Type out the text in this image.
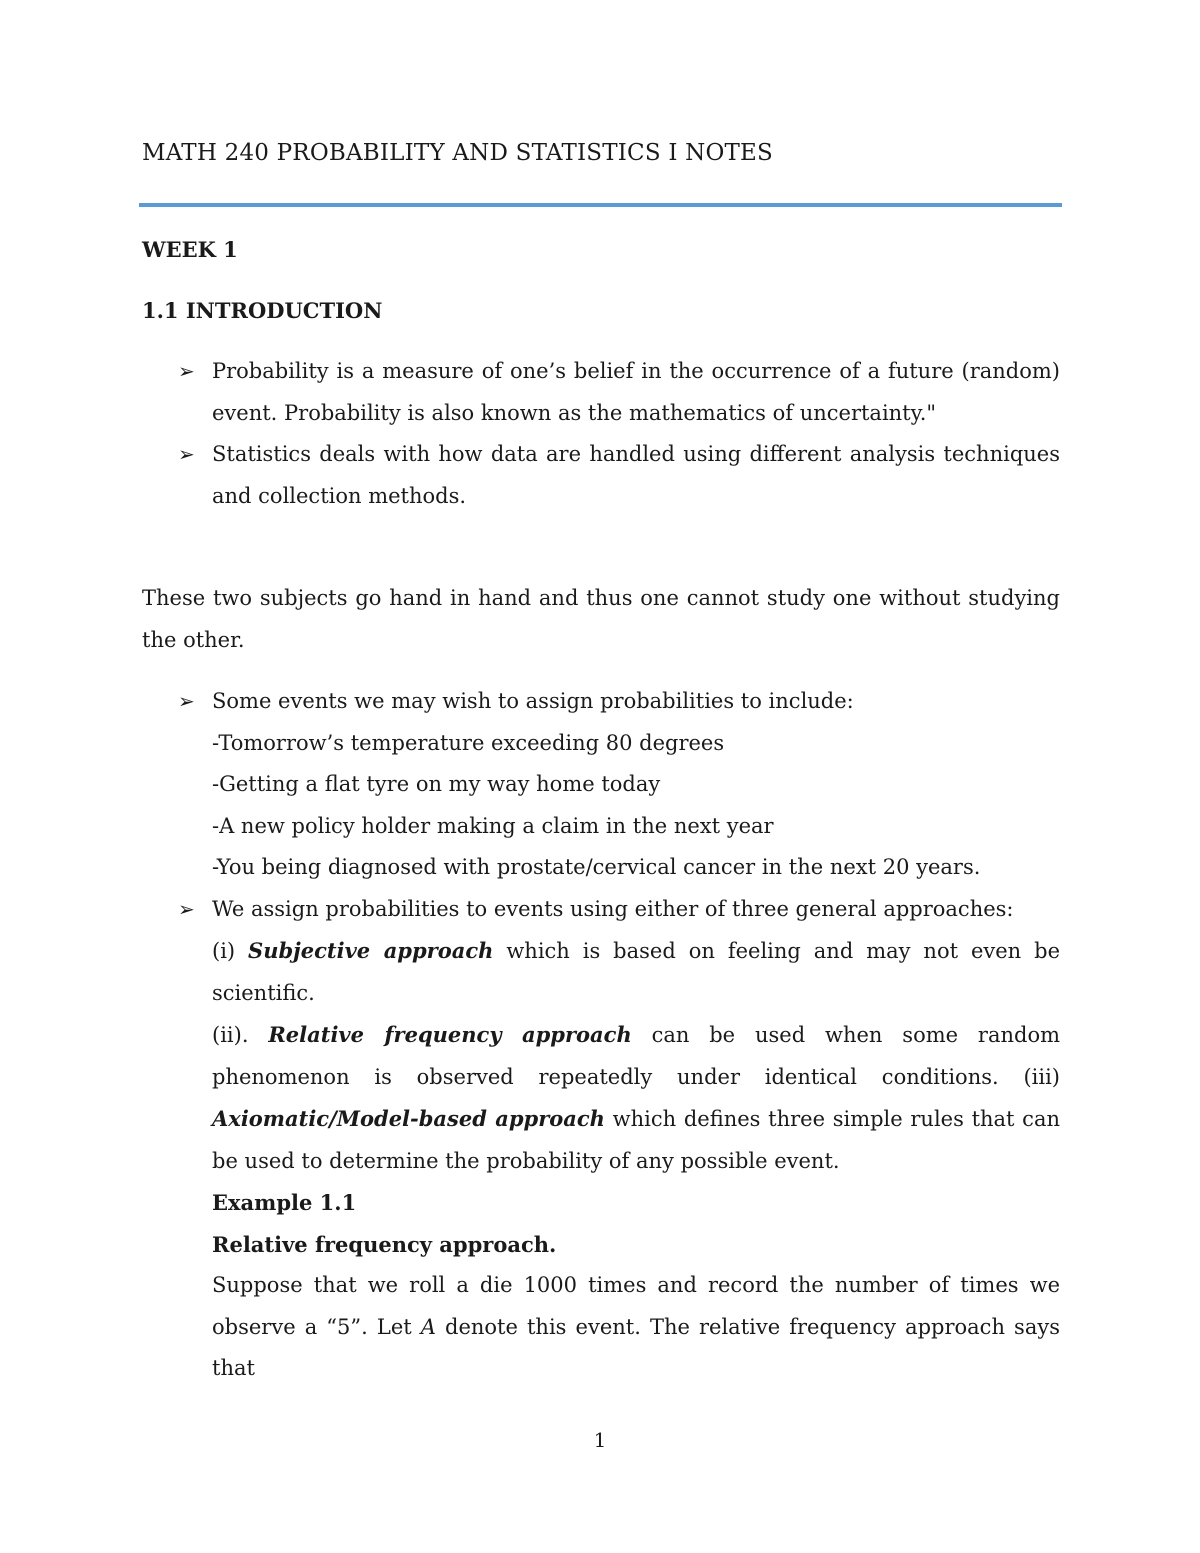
MATH 240 PROBABILITY AND STATISTICS I NOTES
WEEK 1
1.1 INTRODUCTION
➢ Probability is a measure of one’s belief in the occurrence of a future (random) event. Probability is also known as the mathematics of uncertainty."
➢ Statistics deals with how data are handled using different analysis techniques and collection methods.
These two subjects go hand in hand and thus one cannot study one without studying the other.
➢ Some events we may wish to assign probabilities to include:
-Tomorrow’s temperature exceeding 80 degrees
-Getting a flat tyre on my way home today
-A new policy holder making a claim in the next year
-You being diagnosed with prostate/cervical cancer in the next 20 years.
➢ We assign probabilities to events using either of three general approaches:
(i) Subjective approach which is based on feeling and may not even be scientific.
(ii). Relative frequency approach can be used when some random phenomenon is observed repeatedly under identical conditions. (iii) Axiomatic/Model-based approach which defines three simple rules that can be used to determine the probability of any possible event.
Example 1.1
Relative frequency approach.
Suppose that we roll a die 1000 times and record the number of times we observe a “5”. Let A denote this event. The relative frequency approach says that
1
